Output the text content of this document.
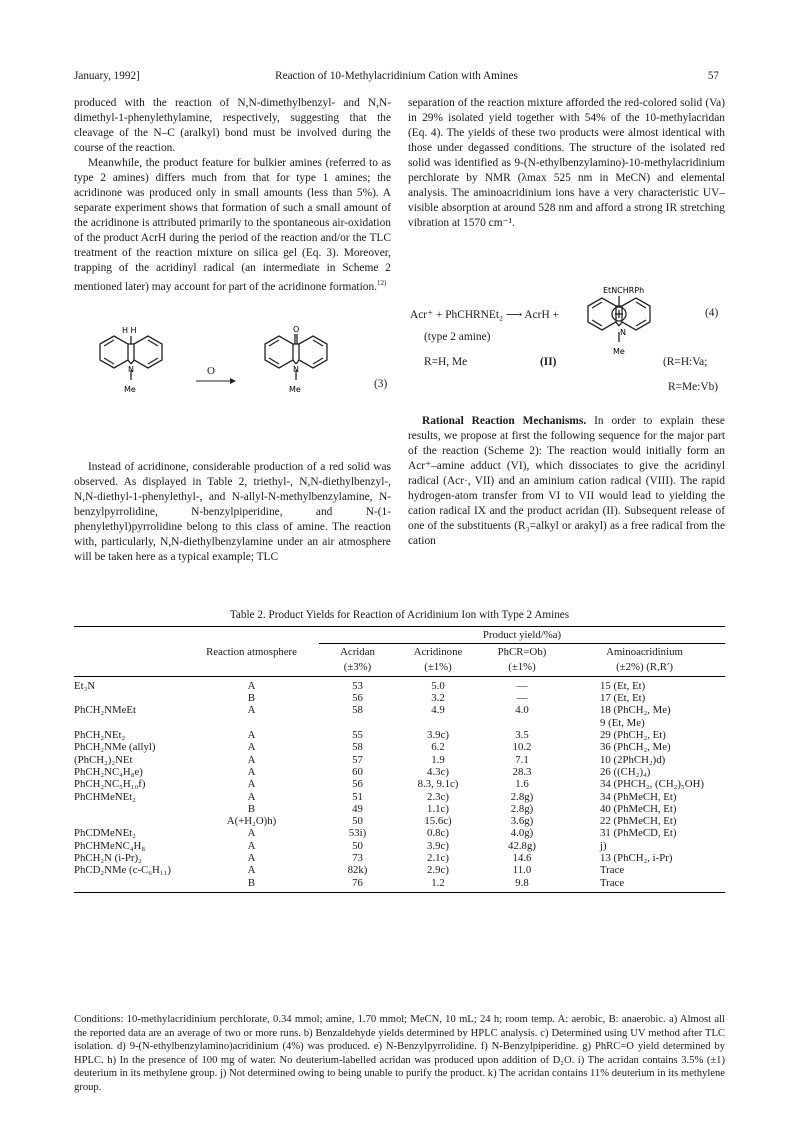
January, 1992]	Reaction of 10-Methylacridinium Cation with Amines	57

produced with the reaction of N,N-dimethylbenzyl- and N,N-dimethyl-1-phenylethylamine, respectively, suggesting that the cleavage of the N–C (aralkyl) bond must be involved during the course of the reaction.

Meanwhile, the product feature for bulkier amines (referred to as type 2 amines) differs much from that for type 1 amines; the acridinone was produced only in small amounts (less than 5%). A separate experiment shows that formation of such a small amount of the acridinone is attributed primarily to the spontaneous air-oxidation of the product AcrH during the period of the reaction and/or the TLC treatment of the reaction mixture on silica gel (Eq. 3). Moreover, trapping of the acridinyl radical (an intermediate in Scheme 2 mentioned later) may account for part of the acridinone formation.$^{12)}$

H H
N
Me
O
O
N
Me	(3)

Instead of acridinone, considerable production of a red solid was observed. As displayed in Table 2, triethyl-, N,N-diethylbenzyl-, N,N-diethyl-1-phenylethyl-, and N-allyl-N-methylbenzylamine, N-benzylpyrrolidine, N-benzylpiperidine, and N-(1-phenylethyl)pyrrolidine belong to this class of amine. The reaction with, particularly, N,N-diethylbenzylamine under an air atmosphere will be taken here as a typical example; TLC

separation of the reaction mixture afforded the red-colored solid (Va) in 29% isolated yield together with 54% of the 10-methylacridan (Eq. 4). The yields of these two products were almost identical with those under degassed conditions. The structure of the isolated red solid was identified as 9-(N-ethylbenzylamino)-10-methylacridinium perchlorate by NMR (λmax 525 nm in MeCN) and elemental analysis. The aminoacridinium ions have a very characteristic UV–visible absorption at around 528 nm and afford a strong IR stretching vibration at 1570 cm⁻¹.

Acr⁺ + PhCHRNEt₂ ⟶ AcrH +
(type 2 amine)
R=H, Me	(II)
EtNCHRPh
N
Me
(4)
(R=H:Va;
R=Me:Vb)

Rational Reaction Mechanisms. In order to explain these results, we propose at first the following sequence for the major part of the reaction (Scheme 2): The reaction would initially form an Acr⁺–amine adduct (VI), which dissociates to give the acridinyl radical (Acr·, VII) and an aminium cation radical (VIII). The rapid hydrogen-atom transfer from VI to VII would lead to yielding the cation radical IX and the product acridan (II). Subsequent release of one of the substituents (R₃=alkyl or arakyl) as a free radical from the cation

Table 2. Product Yields for Reaction of Acridinium Ion with Type 2 Amines
		Product yield/%a)			
	Reaction atmosphere	Acridan	Acridinone	PhCR=Ob)	Aminoacridinium
		(±3%)	(±1%)	(±1%)	(±2%) (R,R′)
Et₃N	A	53	5.0	—	15 (Et, Et)
	B	56	3.2	—	17 (Et, Et)
PhCH₂NMeEt	A	58	4.9	4.0	18 (PhCH₂, Me)
					9 (Et, Me)
PhCH₂NEt₂	A	55	3.9c)	3.5	29 (PhCH₂, Et)
PhCH₂NMe (allyl)	A	58	6.2	10.2	36 (PhCH₂, Me)
(PhCH₂)₂NEt	A	57	1.9	7.1	10 (2PhCH₂)d)
PhCH₂NC₄H₈e)	A	60	4.3c)	28.3	26 ((CH₂)₄)
PhCH₂NC₅H₁₀f)	A	56	8.3, 9.1c)	1.6	34 (PHCH₂, (CH₂)₅OH)
PhCHMeNEt₂	A	51	2.3c)	2.8g)	34 (PhMeCH, Et)
	B	49	1.1c)	2.8g)	40 (PhMeCH, Et)
	A(+H₂O)h)	50	15.6c)	3.6g)	22 (PhMeCH, Et)
PhCDMeNEt₂	A	53i)	0.8c)	4.0g)	31 (PhMeCD, Et)
PhCHMeNC₄H₈	A	50	3.9c)	42.8g)	j)
PhCH₂N (i-Pr)₂	A	73	2.1c)	14.6	13 (PhCH₂, i-Pr)
PhCD₂NMe (c-C₆H₁₁)	A	82k)	2.9c)	11.0	Trace
	B	76	1.2	9.8	Trace
Conditions: 10-methylacridinium perchlorate, 0.34 mmol; amine, 1.70 mmol; MeCN, 10 mL; 24 h; room temp. A: aerobic, B: anaerobic. a) Almost all the reported data are an average of two or more runs. b) Benzaldehyde yields determined by HPLC analysis. c) Determined using UV method after TLC isolation. d) 9-(N-ethylbenzylamino)acridinium (4%) was produced. e) N-Benzylpyrrolidine. f) N-Benzylpiperidine. g) PhRC=O yield determined by HPLC. h) In the presence of 100 mg of water. No deuterium-labelled acridan was produced upon addition of D₂O. i) The acridan contains 3.5% (±1) deuterium in its methylene group. j) Not determined owing to being unable to purify the product. k) The acridan contains 11% deuterium in its methylene group.
